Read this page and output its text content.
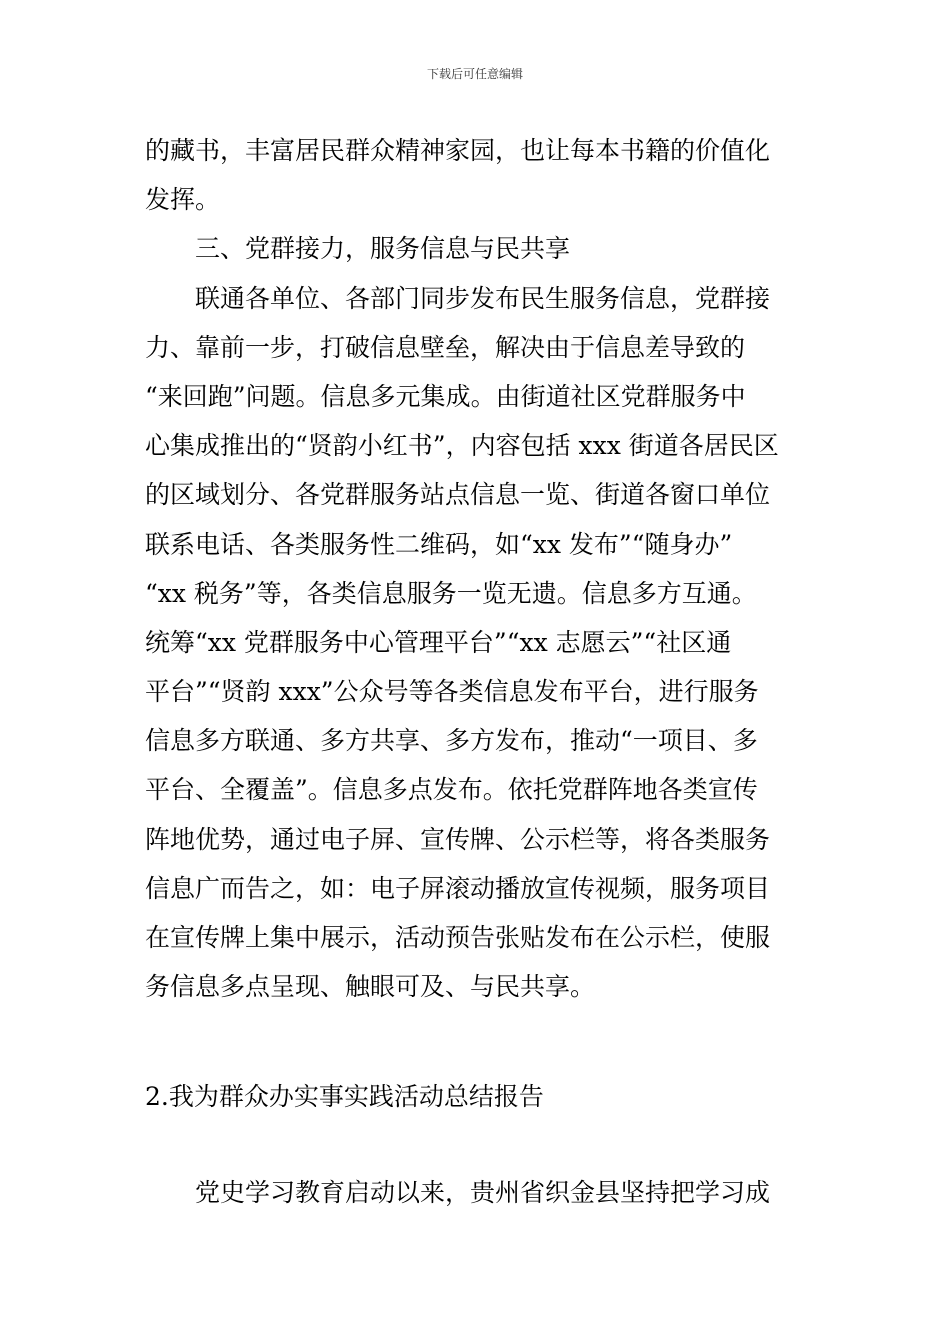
下载后可任意编辑
的藏书，丰富居民群众精神家园，也让每本书籍的价值化
发挥。
三、党群接力，服务信息与民共享
联通各单位、各部门同步发布民生服务信息，党群接
力、靠前一步，打破信息壁垒，解决由于信息差导致的
“来回跑”问题。信息多元集成。由街道社区党群服务中
心集成推出的“贤韵小红书”，内容包括 xxx 街道各居民区
的区域划分、各党群服务站点信息一览、街道各窗口单位
联系电话、各类服务性二维码，如“xx 发布”“随身办”
“xx 税务”等，各类信息服务一览无遗。信息多方互通。
统筹“xx 党群服务中心管理平台”“xx 志愿云”“社区通
平台”“贤韵 xxx”公众号等各类信息发布平台，进行服务
信息多方联通、多方共享、多方发布，推动“一项目、多
平台、全覆盖”。信息多点发布。依托党群阵地各类宣传
阵地优势，通过电子屏、宣传牌、公示栏等，将各类服务
信息广而告之，如：电子屏滚动播放宣传视频，服务项目
在宣传牌上集中展示，活动预告张贴发布在公示栏，使服
务信息多点呈现、触眼可及、与民共享。
2.我为群众办实事实践活动总结报告
党史学习教育启动以来，贵州省织金县坚持把学习成
